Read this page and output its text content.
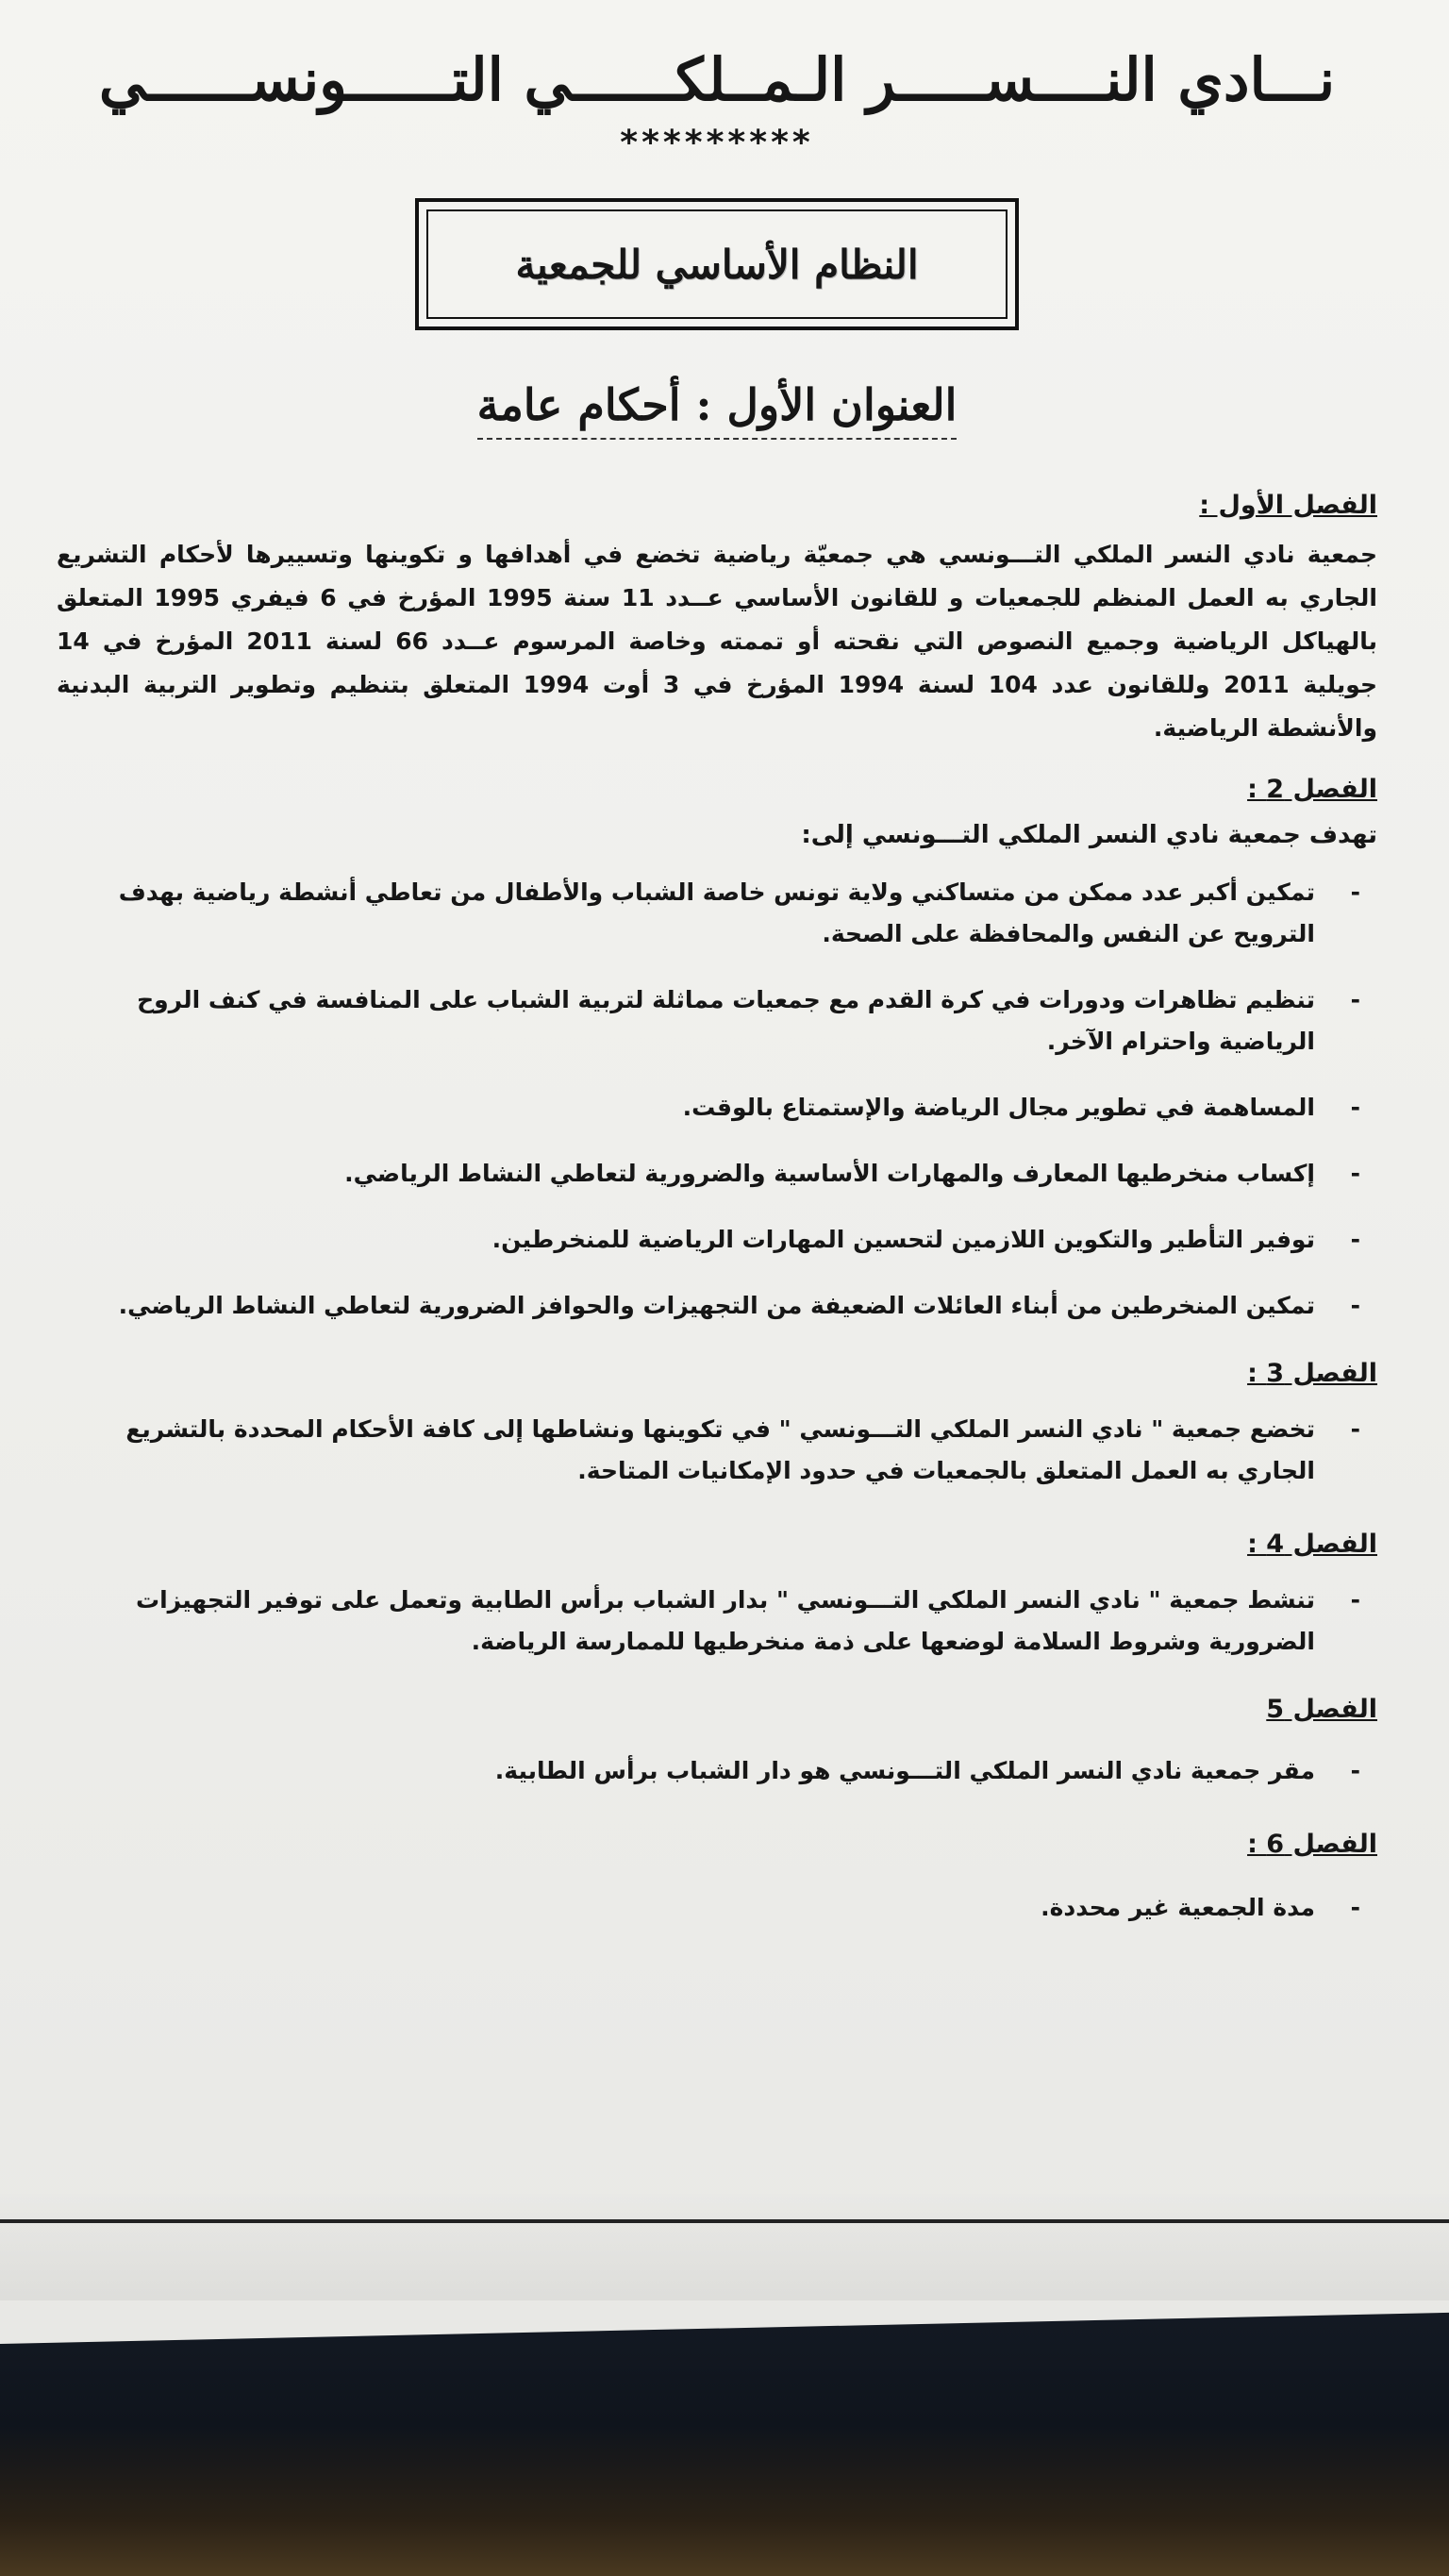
نـــادي النــــســـــر الـمــلكــــــي التــــــونســــــي
*********
النظام الأساسي للجمعية
العنوان الأول : أحكام عامة

الفصل الأول :

جمعية نادي النسر الملكي التـــونسي هي جمعيّة رياضية تخضع في أهدافها و تكوينها وتسييرها لأحكام التشريع الجاري به العمل المنظم للجمعيات و للقانون الأساسي عــدد 11 سنة 1995 المؤرخ في 6 فيفري 1995 المتعلق بالهياكل الرياضية وجميع النصوص التي نقحته أو تممته وخاصة المرسوم عــدد 66 لسنة 2011 المؤرخ في 14 جويلية 2011 وللقانون عدد 104 لسنة 1994 المؤرخ في 3 أوت 1994 المتعلق بتنظيم وتطوير التربية البدنية والأنشطة الرياضية.

الفصل 2 :

تهدف جمعية نادي النسر الملكي التـــونسي إلى:

- تمكين أكبر عدد ممكن من متساكني ولاية تونس خاصة الشباب والأطفال من تعاطي أنشطة رياضية بهدف الترويح عن النفس والمحافظة على الصحة.
- تنظيم تظاهرات ودورات في كرة القدم مع جمعيات مماثلة لتربية الشباب على المنافسة في كنف الروح الرياضية واحترام الآخر.
- المساهمة في تطوير مجال الرياضة والإستمتاع بالوقت.
- إكساب منخرطيها المعارف والمهارات الأساسية والضرورية لتعاطي النشاط الرياضي.
- توفير التأطير والتكوين اللازمين لتحسين المهارات الرياضية للمنخرطين.
- تمكين المنخرطين من أبناء العائلات الضعيفة من التجهيزات والحوافز الضرورية لتعاطي النشاط الرياضي.

الفصل 3 :

- تخضع جمعية " نادي النسر الملكي التـــونسي " في تكوينها ونشاطها إلى كافة الأحكام المحددة بالتشريع الجاري به العمل المتعلق بالجمعيات في حدود الإمكانيات المتاحة.

الفصل 4 :

- تنشط جمعية " نادي النسر الملكي التـــونسي " بدار الشباب برأس الطابية وتعمل على توفير التجهيزات الضرورية وشروط السلامة لوضعها على ذمة منخرطيها للممارسة الرياضة.

الفصل 5

- مقر جمعية نادي النسر الملكي التـــونسي هو دار الشباب برأس الطابية.

الفصل 6 :

- مدة الجمعية غير محددة.
